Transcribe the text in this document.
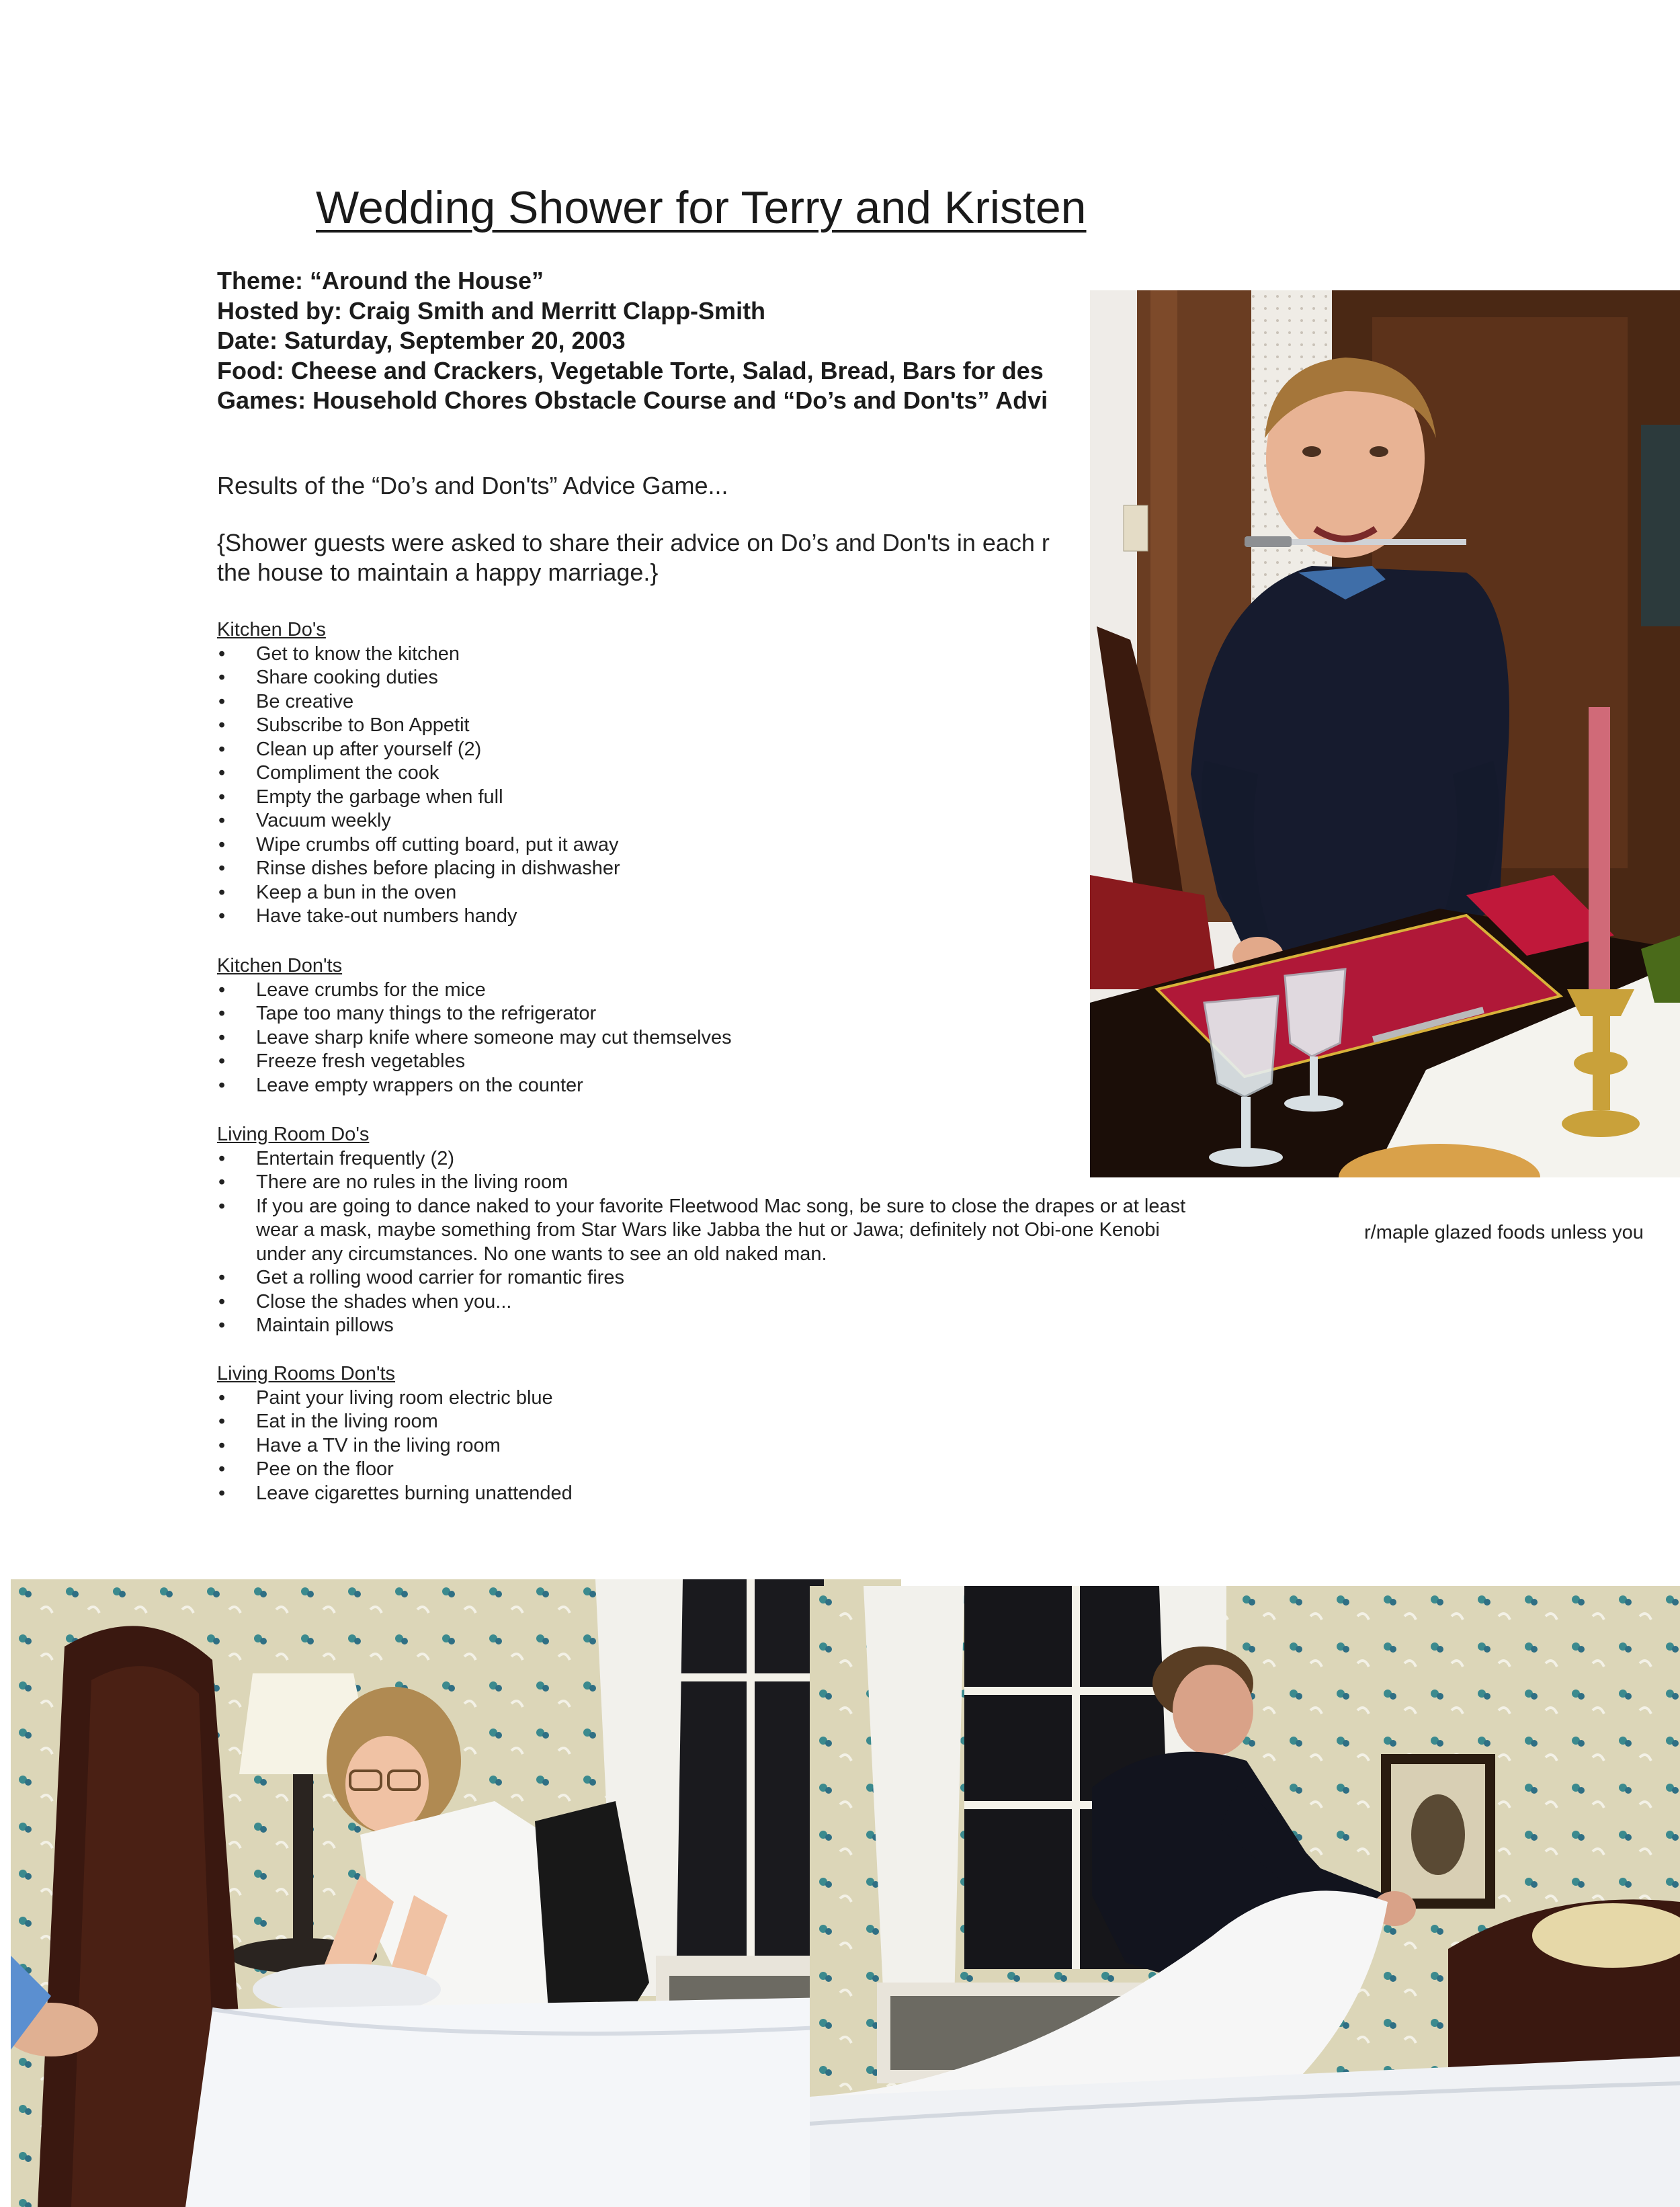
Wedding Shower for Terry and Kristen
Theme: “Around the House”
Hosted by: Craig Smith and Merritt Clapp-Smith
Date: Saturday, September 20, 2003
Food: Cheese and Crackers, Vegetable Torte, Salad, Bread, Bars for des
Games: Household Chores Obstacle Course and “Do’s and Don'ts” Advi
Results of the “Do’s and Don'ts” Advice Game...
{Shower guests were asked to share their advice on Do’s and Don'ts in each r
the house to maintain a happy marriage.}
Kitchen Do's
• Get to know the kitchen
• Share cooking duties
• Be creative
• Subscribe to Bon Appetit
• Clean up after yourself (2)
• Compliment the cook
• Empty the garbage when full
• Vacuum weekly
• Wipe crumbs off cutting board, put it away
• Rinse dishes before placing in dishwasher
• Keep a bun in the oven
• Have take-out numbers handy
Kitchen Don'ts
• Leave crumbs for the mice
• Tape too many things to the refrigerator
• Leave sharp knife where someone may cut themselves
• Freeze fresh vegetables
• Leave empty wrappers on the counter
Living Room Do's
• Entertain frequently (2)
• There are no rules in the living room
• If you are going to dance naked to your favorite Fleetwood Mac song, be sure to close the drapes or at least wear a mask, maybe something from Star Wars like Jabba the hut or Jawa; definitely not Obi-one Kenobi under any circumstances. No one wants to see an old naked man.
• Get a rolling wood carrier for romantic fires
• Close the shades when you...
• Maintain pillows
Living Rooms Don'ts
• Paint your living room electric blue
• Eat in the living room
• Have a TV in the living room
• Pee on the floor
• Leave cigarettes burning unattended
r/maple glazed foods unless you
